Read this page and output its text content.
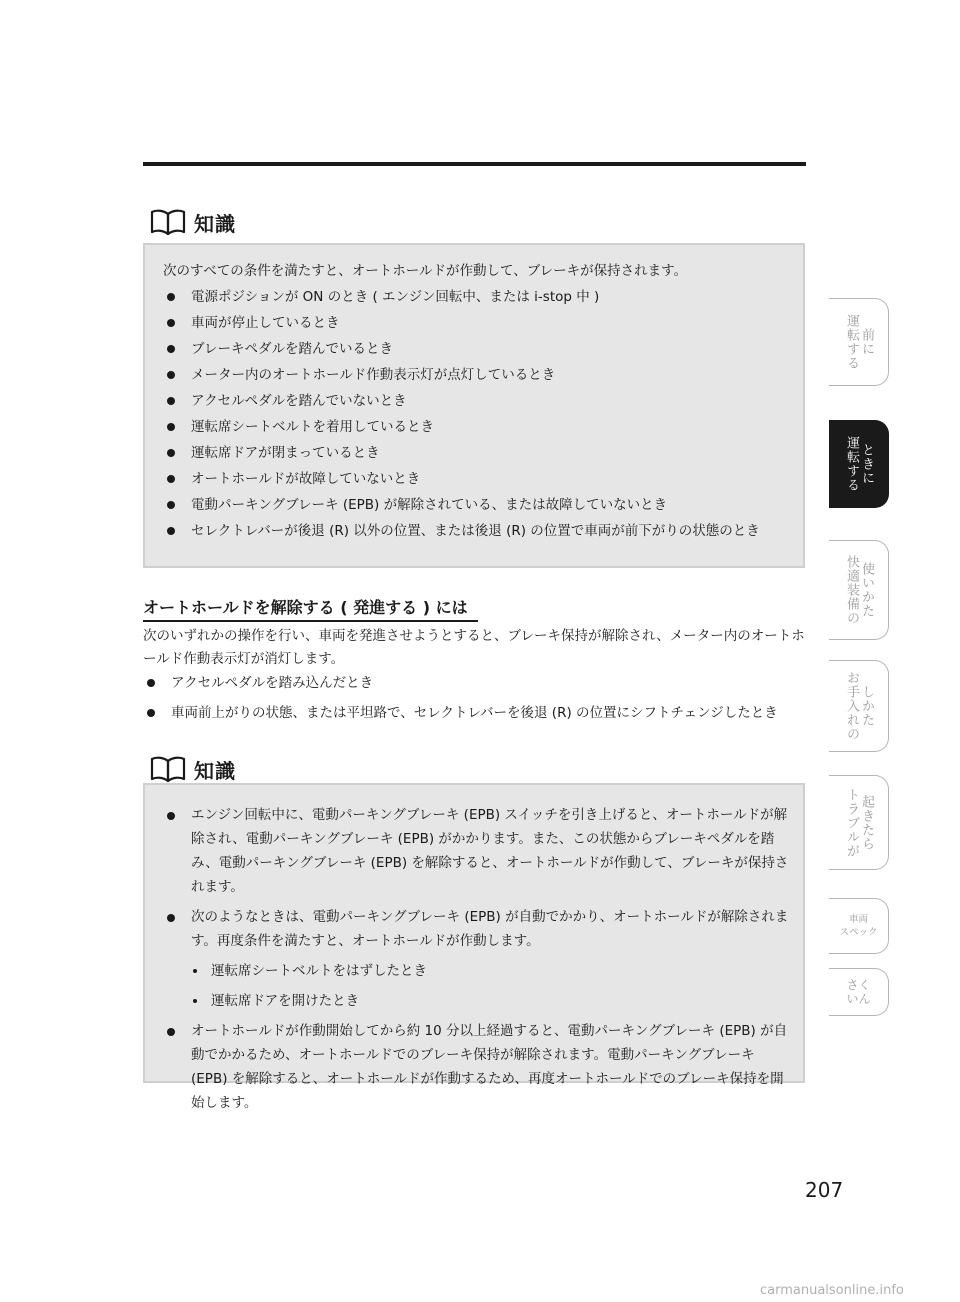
知識
次のすべての条件を満たすと、オートホールドが作動して、ブレーキが保持されます。
電源ポジションが ON のとき ( エンジン回転中、または i-stop 中 )
車両が停止しているとき
ブレーキペダルを踏んでいるとき
メーター内のオートホールド作動表示灯が点灯しているとき
アクセルペダルを踏んでいないとき
運転席シートベルトを着用しているとき
運転席ドアが閉まっているとき
オートホールドが故障していないとき
電動パーキングブレーキ (EPB) が解除されている、または故障していないとき
セレクトレバーが後退 (R) 以外の位置、または後退 (R) の位置で車両が前下がりの状態のとき
オートホールドを解除する ( 発進する ) には
次のいずれかの操作を行い、車両を発進させようとすると、ブレーキ保持が解除され、メーター内のオートホールド作動表示灯が消灯します。
アクセルペダルを踏み込んだとき
車両前上がりの状態、または平坦路で、セレクトレバーを後退 (R) の位置にシフトチェンジしたとき
知識
エンジン回転中に、電動パーキングブレーキ (EPB) スイッチを引き上げると、オートホールドが解除され、電動パーキングブレーキ (EPB) がかかります。また、この状態からブレーキペダルを踏み、電動パーキングブレーキ (EPB) を解除すると、オートホールドが作動して、ブレーキが保持されます。
次のようなときは、電動パーキングブレーキ (EPB) が自動でかかり、オートホールドが解除されます。再度条件を満たすと、オートホールドが作動します。
運転席シートベルトをはずしたとき
運転席ドアを開けたとき
オートホールドが作動開始してから約 10 分以上経過すると、電動パーキングブレーキ (EPB) が自動でかかるため、オートホールドでのブレーキ保持が解除されます。電動パーキングブレーキ (EPB) を解除すると、オートホールドが作動するため、再度オートホールドでのブレーキ保持を開始します。
運転する 前に
運転する ときに
快適装備の 使いかた
お手入れの しかた
トラブルが 起きたら
車両
スペック
さく
いん
207
carmanualsonline.info
